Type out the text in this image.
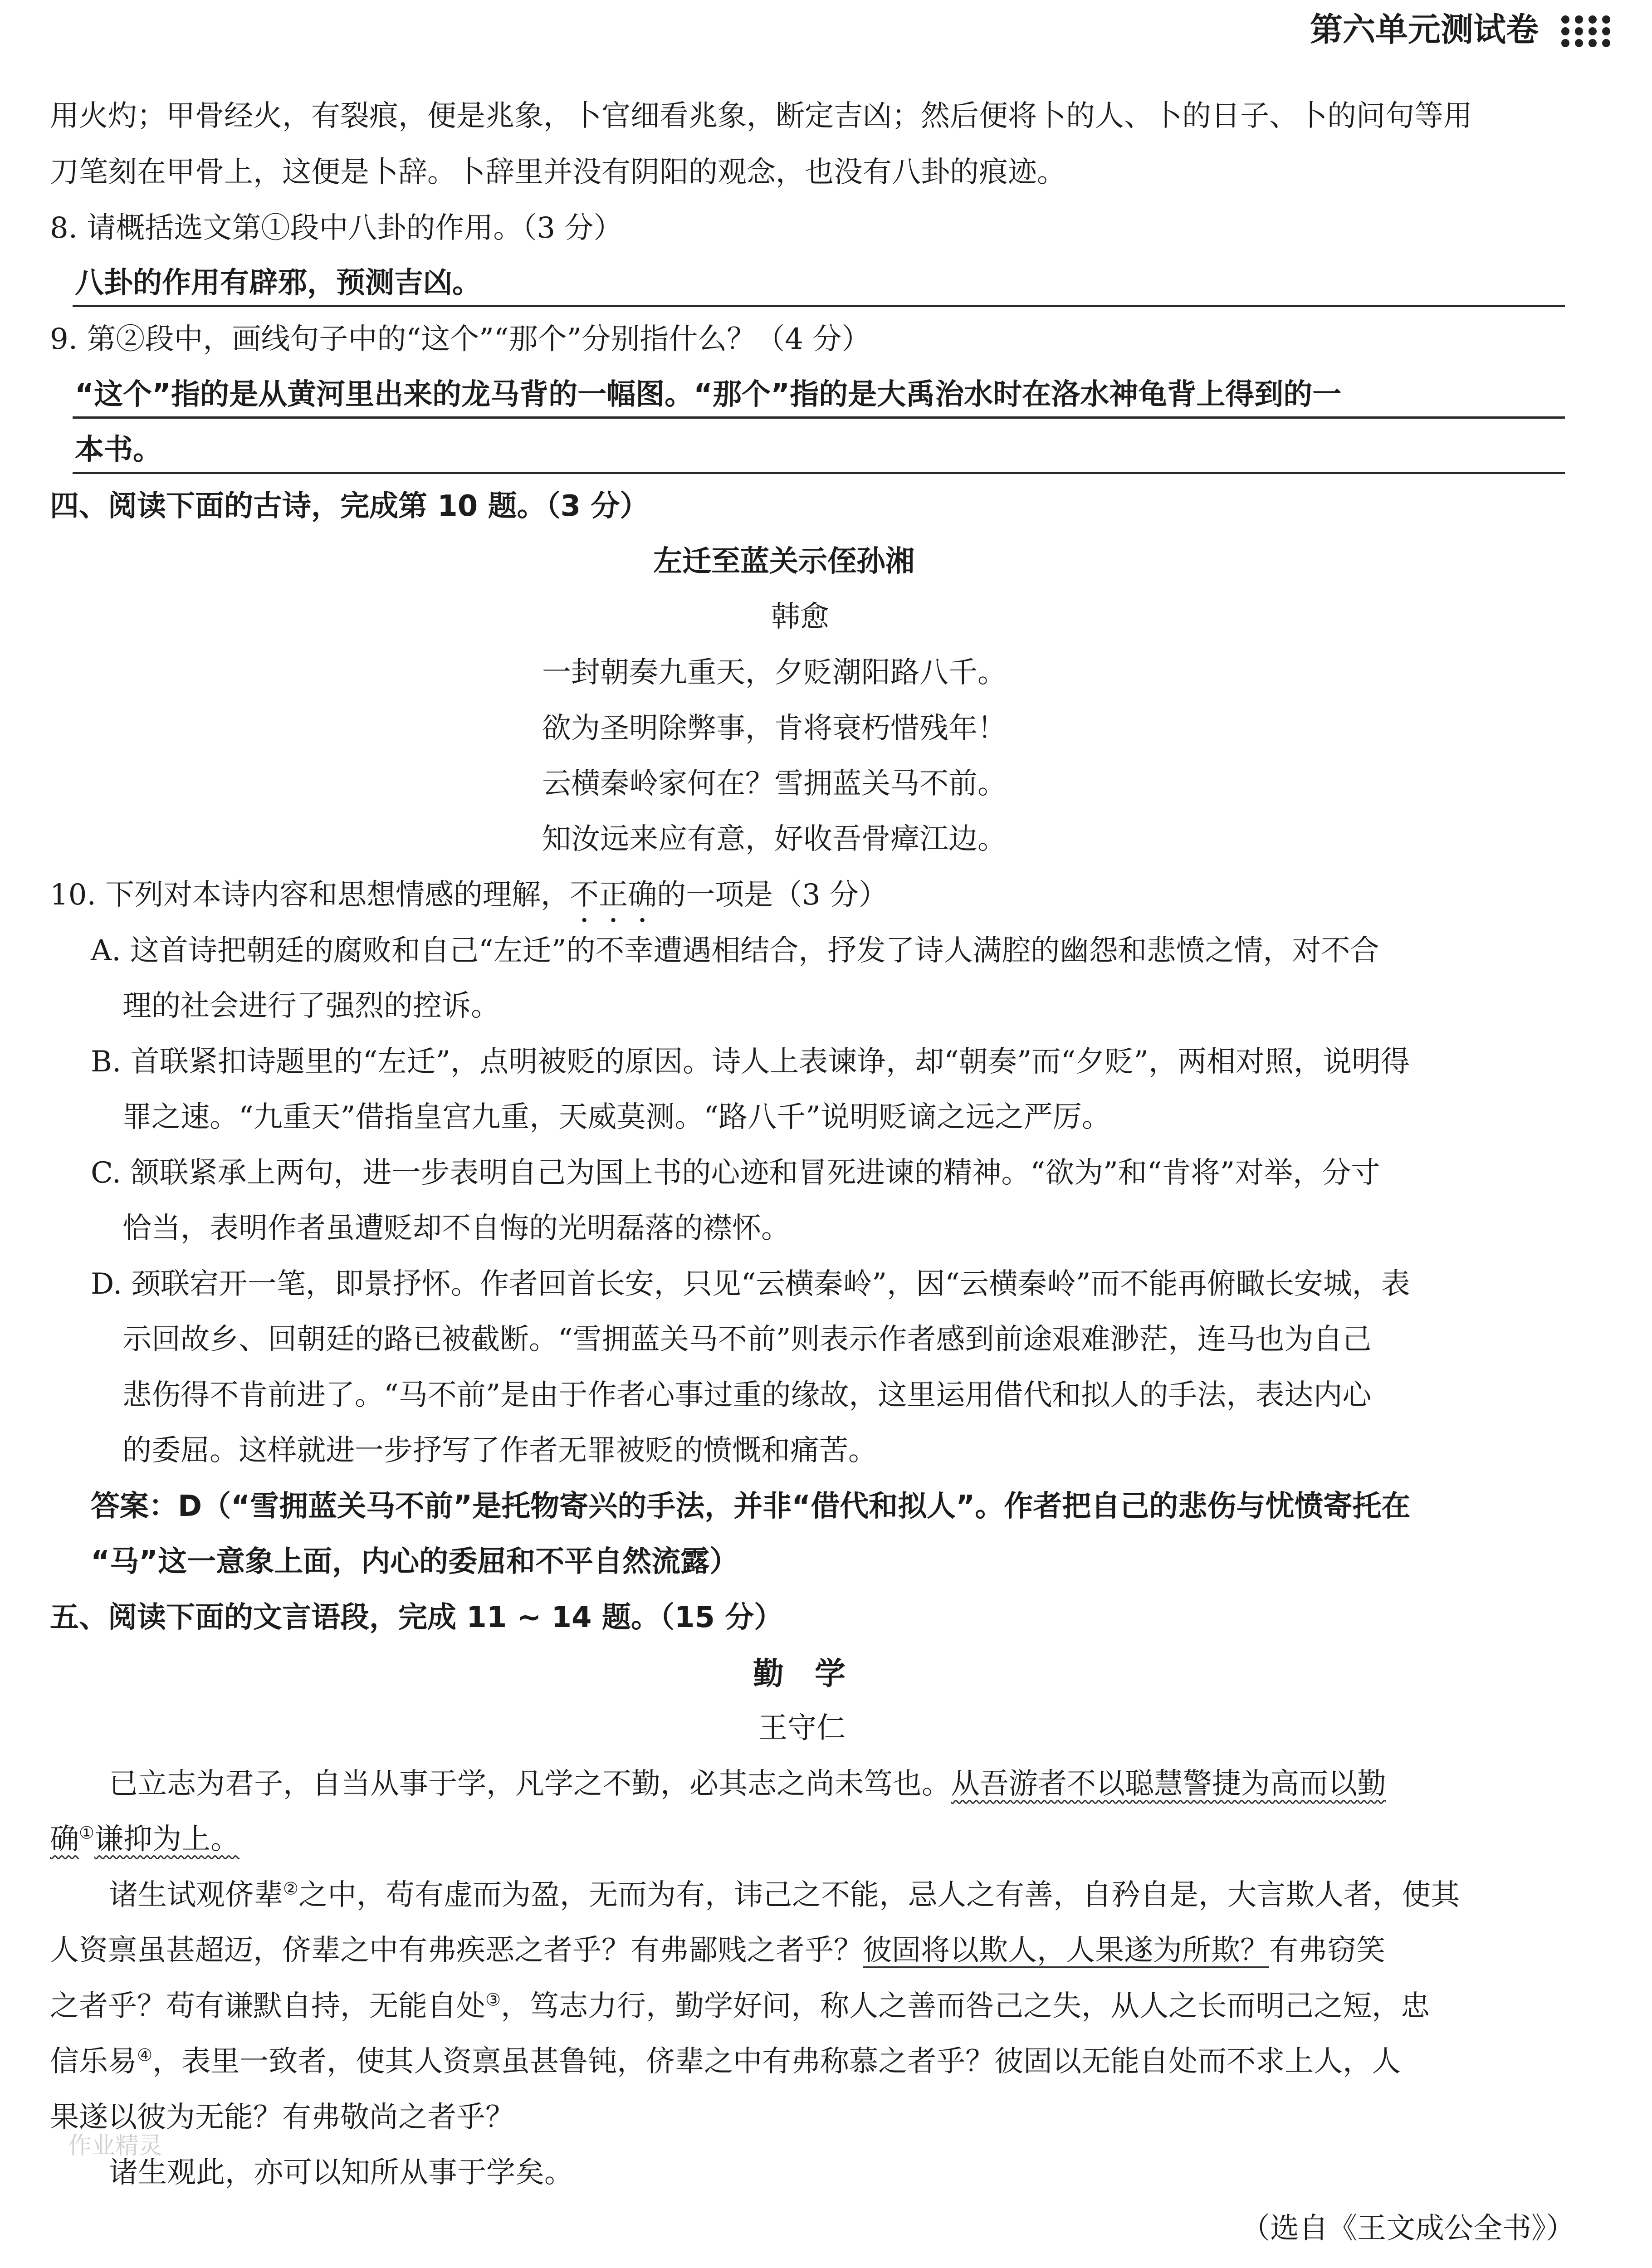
第六单元测试卷
用火灼；甲骨经火，有裂痕，便是兆象，卜官细看兆象，断定吉凶；然后便将卜的人、卜的日子、卜的问句等用
刀笔刻在甲骨上，这便是卜辞。卜辞里并没有阴阳的观念，也没有八卦的痕迹。
8. 请概括选文第①段中八卦的作用。（3 分）
八卦的作用有辟邪，预测吉凶。
9. 第②段中，画线句子中的“这个”“那个”分别指什么？（4 分）
“这个”指的是从黄河里出来的龙马背的一幅图。“那个”指的是大禹治水时在洛水神龟背上得到的一
本书。
四、阅读下面的古诗，完成第 10 题。（3 分）
左迁至蓝关示侄孙湘
韩愈
一封朝奏九重天，夕贬潮阳路八千。
欲为圣明除弊事，肯将衰朽惜残年！
云横秦岭家何在？雪拥蓝关马不前。
知汝远来应有意，好收吾骨瘴江边。
10. 下列对本诗内容和思想情感的理解，不正确的一项是（3 分）
A. 这首诗把朝廷的腐败和自己“左迁”的不幸遭遇相结合，抒发了诗人满腔的幽怨和悲愤之情，对不合
理的社会进行了强烈的控诉。
B. 首联紧扣诗题里的“左迁”，点明被贬的原因。诗人上表谏诤，却“朝奏”而“夕贬”，两相对照，说明得
罪之速。“九重天”借指皇宫九重，天威莫测。“路八千”说明贬谪之远之严厉。
C. 颔联紧承上两句，进一步表明自己为国上书的心迹和冒死进谏的精神。“欲为”和“肯将”对举，分寸
恰当，表明作者虽遭贬却不自悔的光明磊落的襟怀。
D. 颈联宕开一笔，即景抒怀。作者回首长安，只见“云横秦岭”，因“云横秦岭”而不能再俯瞰长安城，表
示回故乡、回朝廷的路已被截断。“雪拥蓝关马不前”则表示作者感到前途艰难渺茫，连马也为自己
悲伤得不肯前进了。“马不前”是由于作者心事过重的缘故，这里运用借代和拟人的手法，表达内心
的委屈。这样就进一步抒写了作者无罪被贬的愤慨和痛苦。
答案：D（“雪拥蓝关马不前”是托物寄兴的手法，并非“借代和拟人”。作者把自己的悲伤与忧愤寄托在
“马”这一意象上面，内心的委屈和不平自然流露）
五、阅读下面的文言语段，完成 11 ~ 14 题。（15 分）
勤　学
王守仁
已立志为君子，自当从事于学，凡学之不勤，必其志之尚未笃也。从吾游者不以聪慧警捷为高而以勤
确①谦抑为上。
诸生试观侪辈②之中，苟有虚而为盈，无而为有，讳己之不能，忌人之有善，自矜自是，大言欺人者，使其
人资禀虽甚超迈，侪辈之中有弗疾恶之者乎？有弗鄙贱之者乎？彼固将以欺人，人果遂为所欺？有弗窃笑
之者乎？苟有谦默自持，无能自处③，笃志力行，勤学好问，称人之善而咎己之失，从人之长而明己之短，忠
信乐易④，表里一致者，使其人资禀虽甚鲁钝，侪辈之中有弗称慕之者乎？彼固以无能自处而不求上人，人
果遂以彼为无能？有弗敬尚之者乎？
诸生观此，亦可以知所从事于学矣。
（选自《王文成公全书》）
作业精灵
